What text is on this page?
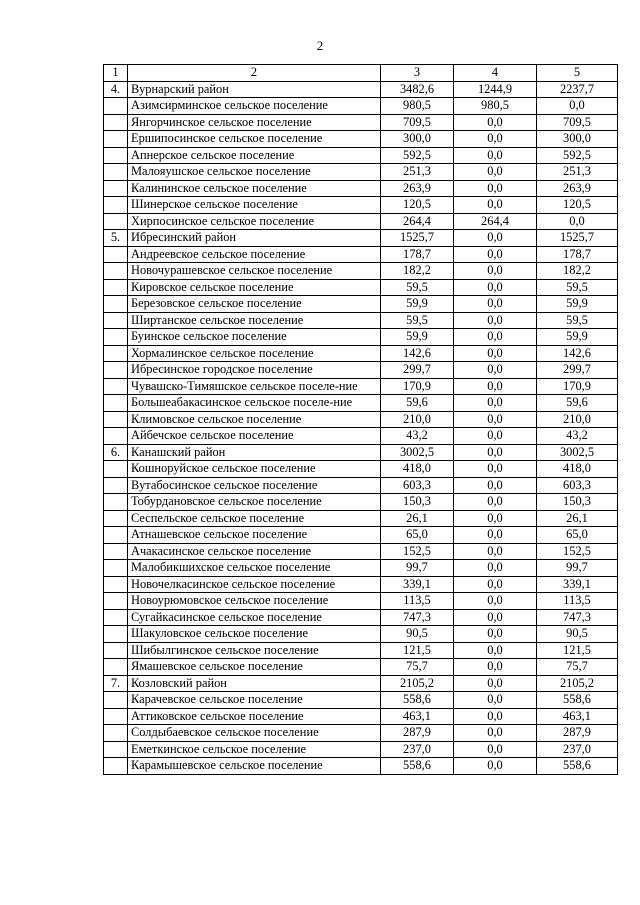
2
1	2	3	4	5
4.	Вурнарский район	3482,6	1244,9	2237,7
	Азимсирминское сельское поселение	980,5	980,5	0,0
	Янгорчинское сельское поселение	709,5	0,0	709,5
	Ершипосинское сельское поселение	300,0	0,0	300,0
	Апнерское сельское поселение	592,5	0,0	592,5
	Малояушское сельское поселение	251,3	0,0	251,3
	Калининское сельское поселение	263,9	0,0	263,9
	Шинерское сельское поселение	120,5	0,0	120,5
	Хирпосинское сельское поселение	264,4	264,4	0,0
5.	Ибресинский район	1525,7	0,0	1525,7
	Андреевское сельское поселение	178,7	0,0	178,7
	Новочурашевское сельское поселение	182,2	0,0	182,2
	Кировское сельское поселение	59,5	0,0	59,5
	Березовское сельское поселение	59,9	0,0	59,9
	Ширтанское сельское поселение	59,5	0,0	59,5
	Буинское сельское поселение	59,9	0,0	59,9
	Хормалинское сельское поселение	142,6	0,0	142,6
	Ибресинское городское поселение	299,7	0,0	299,7
	Чувашско-Тимяшское сельское поселе-ние	170,9	0,0	170,9
	Большеабакасинское сельское поселе-ние	59,6	0,0	59,6
	Климовское сельское поселение	210,0	0,0	210,0
	Айбечское сельское поселение	43,2	0,0	43,2
6.	Канашский район	3002,5	0,0	3002,5
	Кошноруйское сельское поселение	418,0	0,0	418,0
	Вутабосинское сельское поселение	603,3	0,0	603,3
	Тобурдановское сельское поселение	150,3	0,0	150,3
	Сеспельское сельское поселение	26,1	0,0	26,1
	Атнашевское сельское поселение	65,0	0,0	65,0
	Ачакасинское сельское поселение	152,5	0,0	152,5
	Малобикшихское сельское поселение	99,7	0,0	99,7
	Новочелкасинское сельское поселение	339,1	0,0	339,1
	Новоурюмовское сельское поселение	113,5	0,0	113,5
	Сугайкасинское сельское поселение	747,3	0,0	747,3
	Шакуловское сельское поселение	90,5	0,0	90,5
	Шибылгинское сельское поселение	121,5	0,0	121,5
	Ямашевское сельское поселение	75,7	0,0	75,7
7.	Козловский район	2105,2	0,0	2105,2
	Карачевское сельское поселение	558,6	0,0	558,6
	Аттиковское сельское поселение	463,1	0,0	463,1
	Солдыбаевское сельское поселение	287,9	0,0	287,9
	Еметкинское сельское поселение	237,0	0,0	237,0
	Карамышевское сельское поселение	558,6	0,0	558,6
